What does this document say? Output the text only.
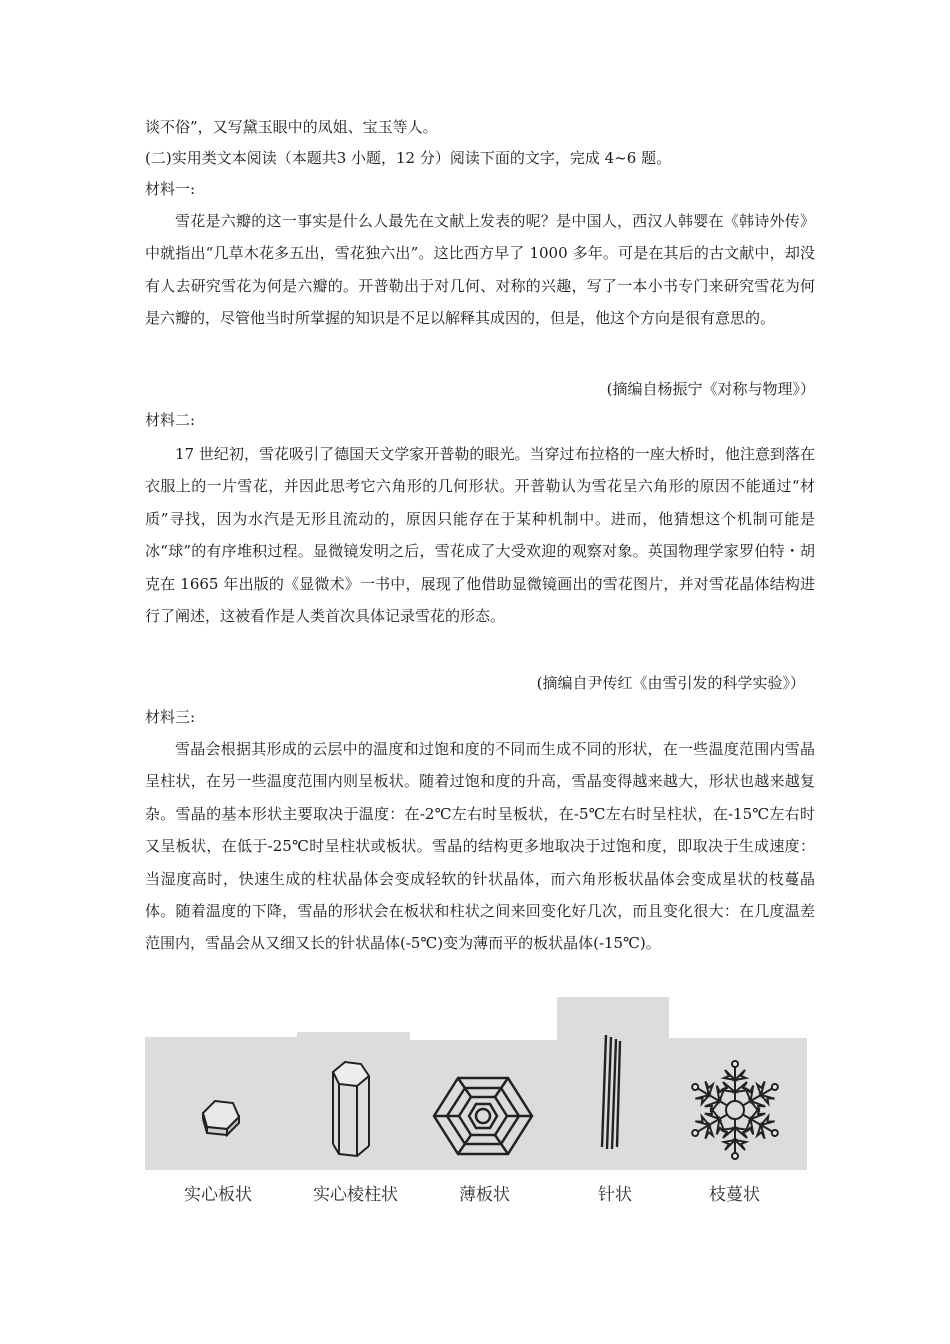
谈不俗”，又写黛玉眼中的凤姐、宝玉等人。
(二)实用类文本阅读（本题共3 小题，12 分）阅读下面的文字，完成 4~6 题。
材料一:

雪花是六瓣的这一事实是什么人最先在文献上发表的呢？是中国人，西汉人韩婴在《韩诗外传》中就指出“几草木花多五出，雪花独六出”。这比西方早了 1000 多年。可是在其后的古文献中，却没有人去研究雪花为何是六瓣的。开普勒出于对几何、对称的兴趣，写了一本小书专门来研究雪花为何是六瓣的，尽管他当时所掌握的知识是不足以解释其成因的，但是，他这个方向是很有意思的。

(摘编自杨振宁《对称与物理》）
材料二:

17 世纪初，雪花吸引了德国天文学家开普勒的眼光。当穿过布拉格的一座大桥时，他注意到落在衣服上的一片雪花，并因此思考它六角形的几何形状。开普勒认为雪花呈六角形的原因不能通过“材质”寻找，因为水汽是无形且流动的，原因只能存在于某种机制中。进而，他猜想这个机制可能是冰“球”的有序堆积过程。显微镜发明之后，雪花成了大受欢迎的观察对象。英国物理学家罗伯特・胡克在 1665 年出版的《显微术》一书中，展现了他借助显微镜画出的雪花图片，并对雪花晶体结构进行了阐述，这被看作是人类首次具体记录雪花的形态。

(摘编自尹传红《由雪引发的科学实验》）
材料三:

雪晶会根据其形成的云层中的温度和过饱和度的不同而生成不同的形状，在一些温度范围内雪晶呈柱状，在另一些温度范围内则呈板状。随着过饱和度的升高，雪晶变得越来越大，形状也越来越复杂。雪晶的基本形状主要取决于温度：在-2℃左右时呈板状，在-5℃左右时呈柱状，在-15℃左右时又呈板状，在低于-25℃时呈柱状或板状。雪晶的结构更多地取决于过饱和度，即取决于生成速度：当湿度高时，快速生成的柱状晶体会变成轻软的针状晶体，而六角形板状晶体会变成星状的枝蔓晶体。随着温度的下降，雪晶的形状会在板状和柱状之间来回变化好几次，而且变化很大：在几度温差范围内，雪晶会从又细又长的针状晶体(-5℃)变为薄而平的板状晶体(-15℃)。

实心板状	实心棱柱状	薄板状	针状	枝蔓状
